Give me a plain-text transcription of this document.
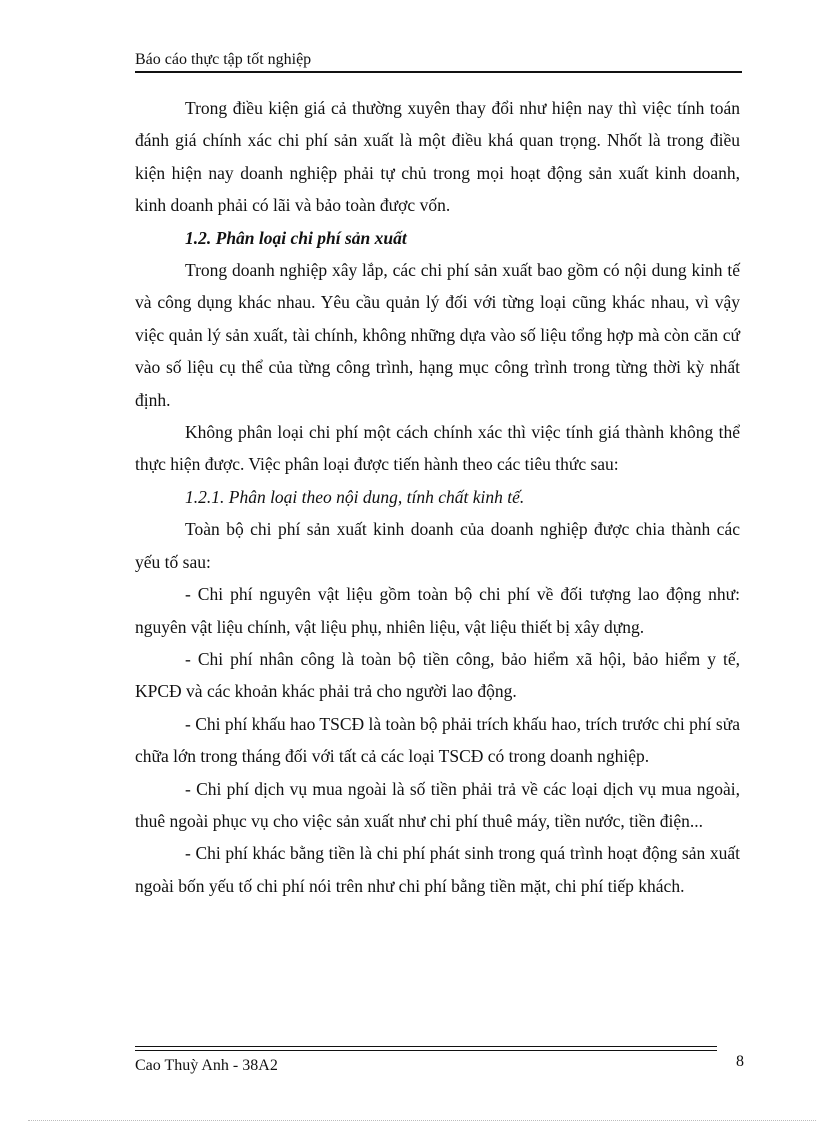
Báo cáo thực tập tốt nghiệp

Trong điều kiện giá cả thường xuyên thay đổi như hiện nay thì việc tính toán đánh giá chính xác chi phí sản xuất là một điều khá quan trọng. Nhốt là trong điều kiện hiện nay doanh nghiệp phải tự chủ trong mọi hoạt động sản xuất kinh doanh, kinh doanh phải có lãi và bảo toàn được vốn.

1.2. Phân loại chi phí sản xuất

Trong doanh nghiệp xây lắp, các chi phí sản xuất bao gồm có nội dung kinh tế và công dụng khác nhau. Yêu cầu quản lý đối với từng loại cũng khác nhau, vì vậy việc quản lý sản xuất, tài chính, không những dựa vào số liệu tổng hợp mà còn căn cứ vào số liệu cụ thể của từng công trình, hạng mục công trình trong từng thời kỳ nhất định.

Không phân loại chi phí một cách chính xác thì việc tính giá thành không thể thực hiện được. Việc phân loại được tiến hành theo các tiêu thức sau:

1.2.1. Phân loại theo nội dung, tính chất kinh tế.

Toàn bộ chi phí sản xuất kinh doanh của doanh nghiệp được chia thành các yếu tố sau:

- Chi phí nguyên vật liệu gồm toàn bộ chi phí về đối tượng lao động như: nguyên vật liệu chính, vật liệu phụ, nhiên liệu, vật liệu thiết bị xây dựng.

- Chi phí nhân công là toàn bộ tiền công, bảo hiểm xã hội, bảo hiểm y tế, KPCĐ và các khoản khác phải trả cho người lao động.

- Chi phí khấu hao TSCĐ là toàn bộ phải trích khấu hao, trích trước chi phí sửa chữa lớn trong tháng đối với tất cả các loại TSCĐ có trong doanh nghiệp.

- Chi phí dịch vụ mua ngoài là số tiền phải trả về các loại dịch vụ mua ngoài, thuê ngoài phục vụ cho việc sản xuất như chi phí thuê máy, tiền nước, tiền điện...

- Chi phí khác bằng tiền là chi phí phát sinh trong quá trình hoạt động sản xuất ngoài bốn yếu tố chi phí nói trên như chi phí bằng tiền mặt, chi phí tiếp khách.

Cao Thuỳ Anh - 38A2	8
